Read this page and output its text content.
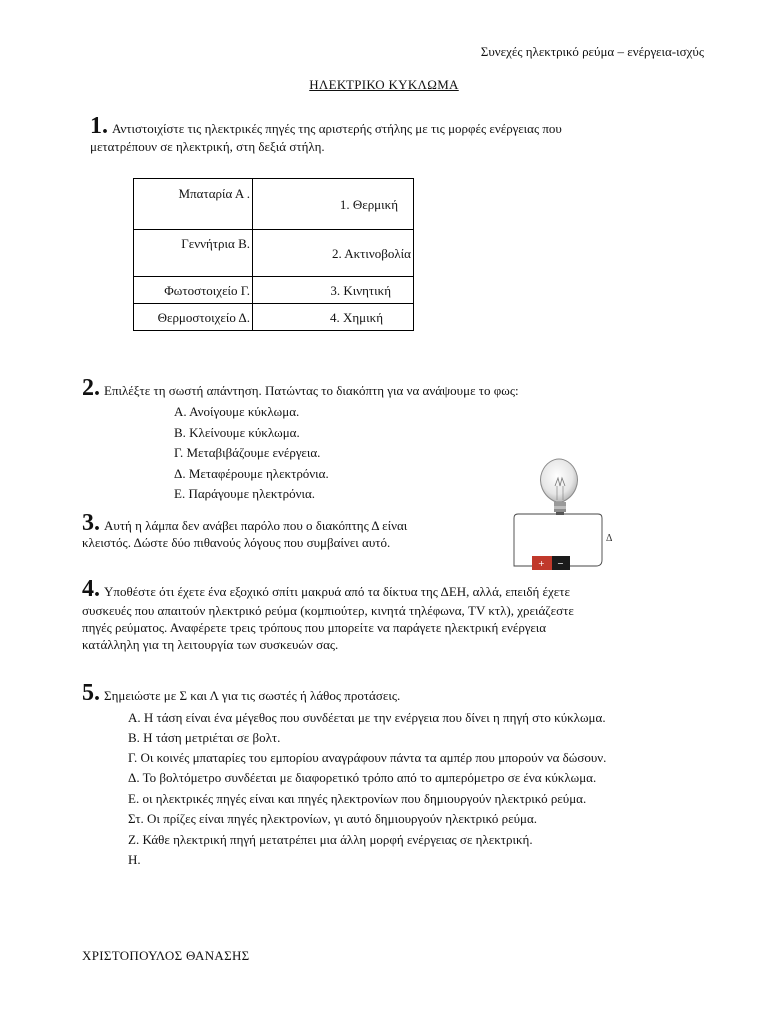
Συνεχές ηλεκτρικό ρεύμα – ενέργεια-ισχύς
ΗΛΕΚΤΡΙΚΟ ΚΥΚΛΩΜΑ
1. Αντιστοιχίστε τις ηλεκτρικές πηγές της αριστερής στήλης με τις μορφές ενέργειας που
μετατρέπουν σε ηλεκτρική, στη δεξιά στήλη.
Μπαταρία Α .	1. Θερμική

Γεννήτρια Β.	2. Ακτινοβολία

Φωτοστοιχείο Γ.	3. Κινητική

Θερμοστοιχείο Δ.	4. Χημική
2. Επιλέξτε τη σωστή απάντηση. Πατώντας το διακόπτη για να ανάψουμε το φως:
Α. Ανοίγουμε κύκλωμα.
Β. Κλείνουμε κύκλωμα.
Γ. Μεταβιβάζουμε ενέργεια.
Δ. Μεταφέρουμε ηλεκτρόνια.
Ε. Παράγουμε ηλεκτρόνια.
3. Αυτή η λάμπα δεν ανάβει παρόλο που ο διακόπτης Δ είναι
κλειστός. Δώστε δύο πιθανούς λόγους που συμβαίνει αυτό.	Δ
+ −
4. Υποθέστε ότι έχετε ένα εξοχικό σπίτι μακρυά από τα δίκτυα της ΔΕΗ, αλλά, επειδή έχετε
συσκευές που απαιτούν ηλεκτρικό ρεύμα (κομπιούτερ, κινητά τηλέφωνα, TV κτλ), χρειάζεστε
πηγές ρεύματος. Αναφέρετε τρεις τρόπους που μπορείτε να παράγετε ηλεκτρική ενέργεια
κατάλληλη για τη λειτουργία των συσκευών σας.
5. Σημειώστε με Σ και Λ για τις σωστές ή λάθος προτάσεις.
Α. Η τάση είναι ένα μέγεθος που συνδέεται με την ενέργεια που δίνει η πηγή στο κύκλωμα.
Β. Η τάση μετριέται σε βολτ.
Γ. Οι κοινές μπαταρίες του εμπορίου αναγράφουν πάντα τα αμπέρ που μπορούν να δώσουν.
Δ. Το βολτόμετρο συνδέεται με διαφορετικό τρόπο από το αμπερόμετρο σε ένα κύκλωμα.
Ε. οι ηλεκτρικές πηγές είναι και πηγές ηλεκτρονίων που δημιουργούν ηλεκτρικό ρεύμα.
Στ. Οι πρίζες είναι πηγές ηλεκτρονίων, γι αυτό δημιουργούν ηλεκτρικό ρεύμα.
Ζ. Κάθε ηλεκτρική πηγή μετατρέπει μια άλλη μορφή ενέργειας σε ηλεκτρική.
Η.
ΧΡΙΣΤΟΠΟΥΛΟΣ ΘΑΝΑΣΗΣ
